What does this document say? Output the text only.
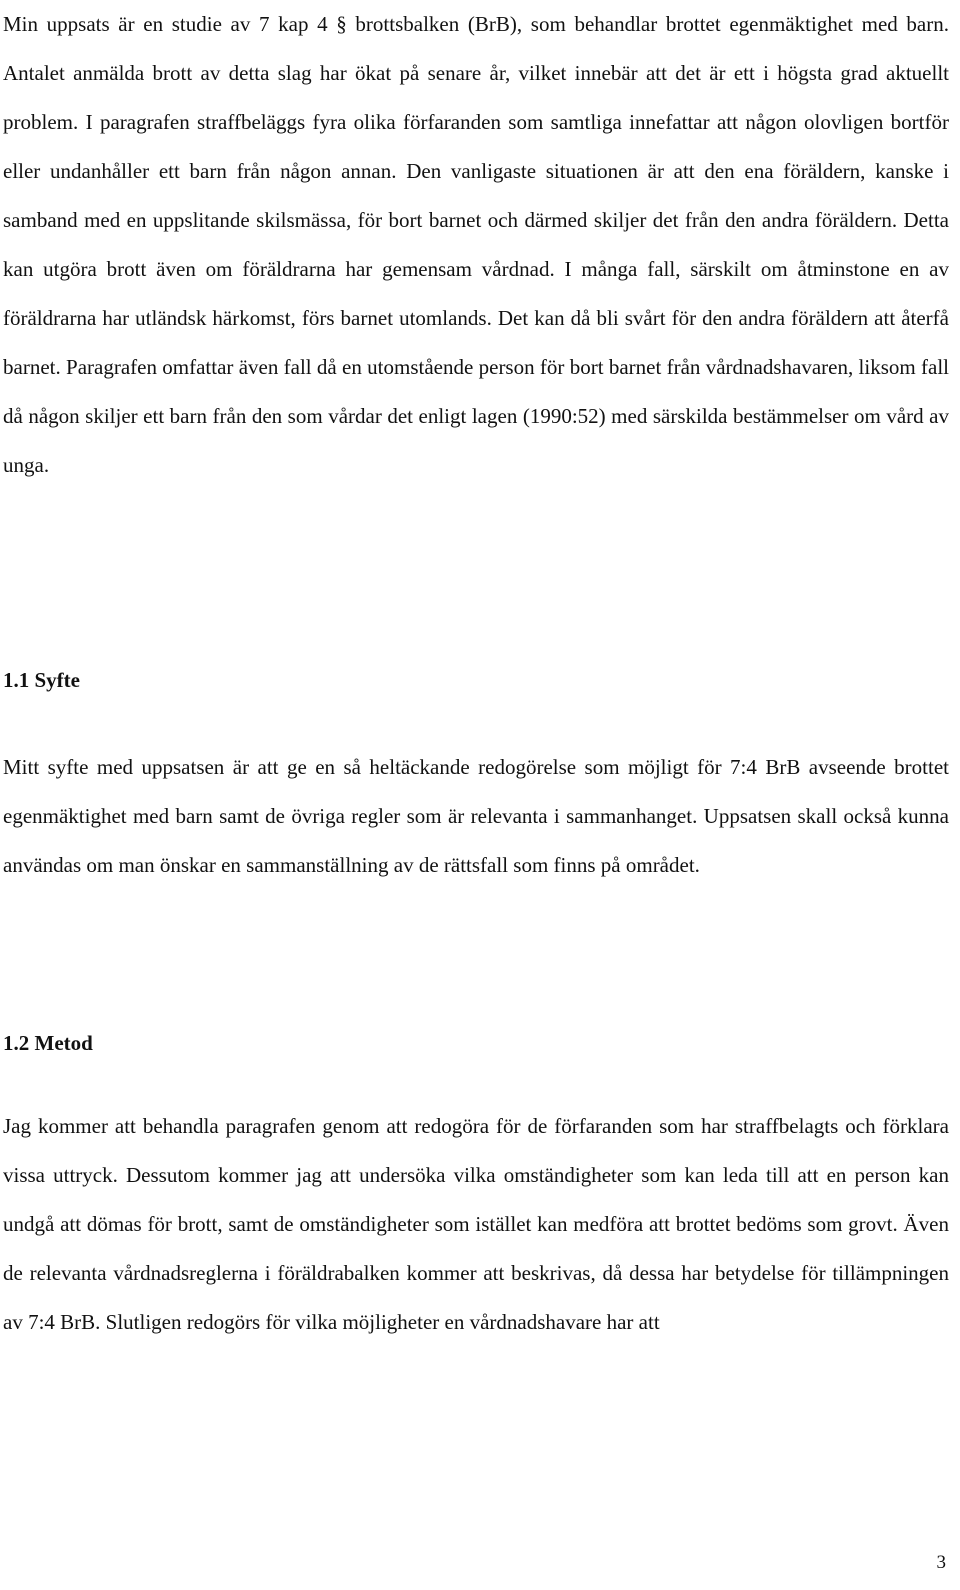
Min uppsats är en studie av 7 kap 4 § brottsbalken (BrB), som behandlar brottet egenmäktighet med barn. Antalet anmälda brott av detta slag har ökat på senare år, vilket innebär att det är ett i högsta grad aktuellt problem. I paragrafen straffbeläggs fyra olika förfaranden som samtliga innefattar att någon olovligen bortför eller undanhåller ett barn från någon annan. Den vanligaste situationen är att den ena föräldern, kanske i samband med en uppslitande skilsmässa, för bort barnet och därmed skiljer det från den andra föräldern. Detta kan utgöra brott även om föräldrarna har gemensam vårdnad. I många fall, särskilt om åtminstone en av föräldrarna har utländsk härkomst, förs barnet utomlands. Det kan då bli svårt för den andra föräldern att återfå barnet. Paragrafen omfattar även fall då en utomstående person för bort barnet från vårdnadshavaren, liksom fall då någon skiljer ett barn från den som vårdar det enligt lagen (1990:52) med särskilda bestämmelser om vård av unga.

1.1 Syfte

Mitt syfte med uppsatsen är att ge en så heltäckande redogörelse som möjligt för 7:4 BrB avseende brottet egenmäktighet med barn samt de övriga regler som är relevanta i sammanhanget. Uppsatsen skall också kunna användas om man önskar en sammanställning av de rättsfall som finns på området.

1.2 Metod

Jag kommer att behandla paragrafen genom att redogöra för de förfaranden som har straffbelagts och förklara vissa uttryck. Dessutom kommer jag att undersöka vilka omständigheter som kan leda till att en person kan undgå att dömas för brott, samt de omständigheter som istället kan medföra att brottet bedöms som grovt. Även de relevanta vårdnadsreglerna i föräldrabalken kommer att beskrivas, då dessa har betydelse för tillämpningen av 7:4 BrB. Slutligen redogörs för vilka möjligheter en vårdnadshavare har att

3
